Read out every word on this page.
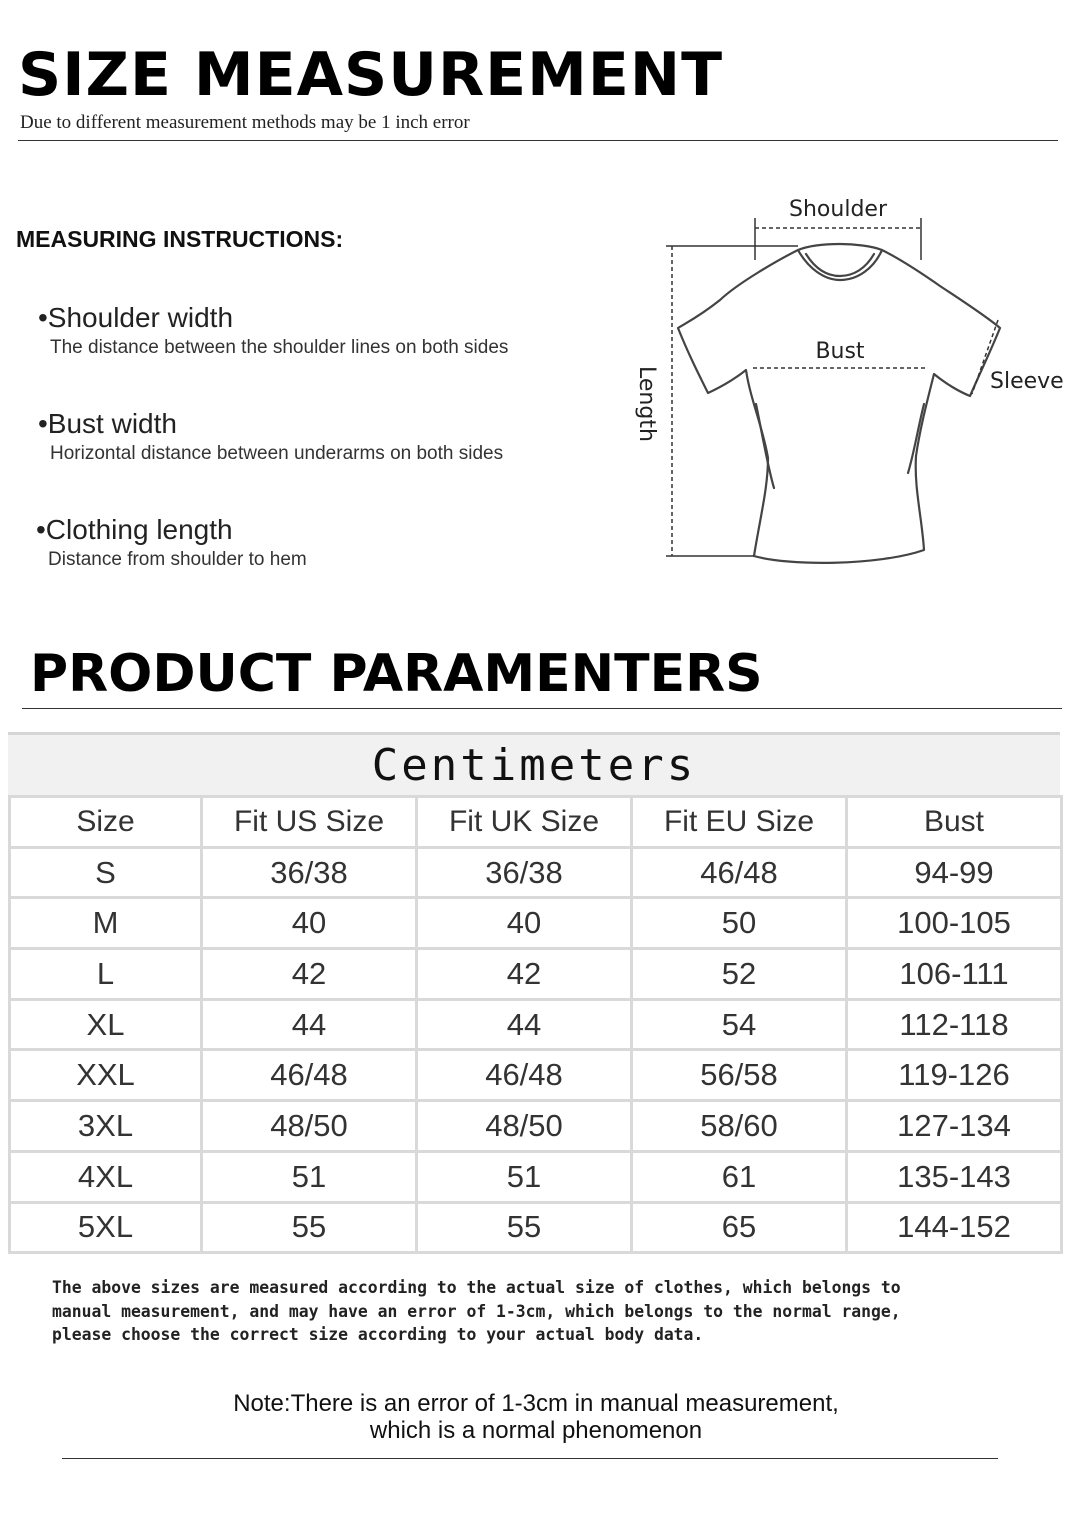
SIZE MEASUREMENT

Due to different measurement methods may be 1 inch error

MEASURING INSTRUCTIONS:

•Shoulder width

The distance between the shoulder lines on both sides

•Bust width

Horizontal distance between underarms on both sides

•Clothing length

Distance from shoulder to hem

Shoulder
Bust
Sleeve
Length
PRODUCT PARAMENTERS
Centimeters
Size	Fit US Size	Fit UK Size	Fit EU Size	Bust
S	36/38	36/38	46/48	94-99
M	40	40	50	100-105
L	42	42	52	106-111
XL	44	44	54	112-118
XXL	46/48	46/48	56/58	119-126
3XL	48/50	48/50	58/60	127-134
4XL	51	51	61	135-143
5XL	55	55	65	144-152

The above sizes are measured according to the actual size of clothes, which belongs to
manual measurement, and may have an error of 1-3cm, which belongs to the normal range,
please choose the correct size according to your actual body data.

Note:There is an error of 1-3cm in manual measurement,
which is a normal phenomenon
